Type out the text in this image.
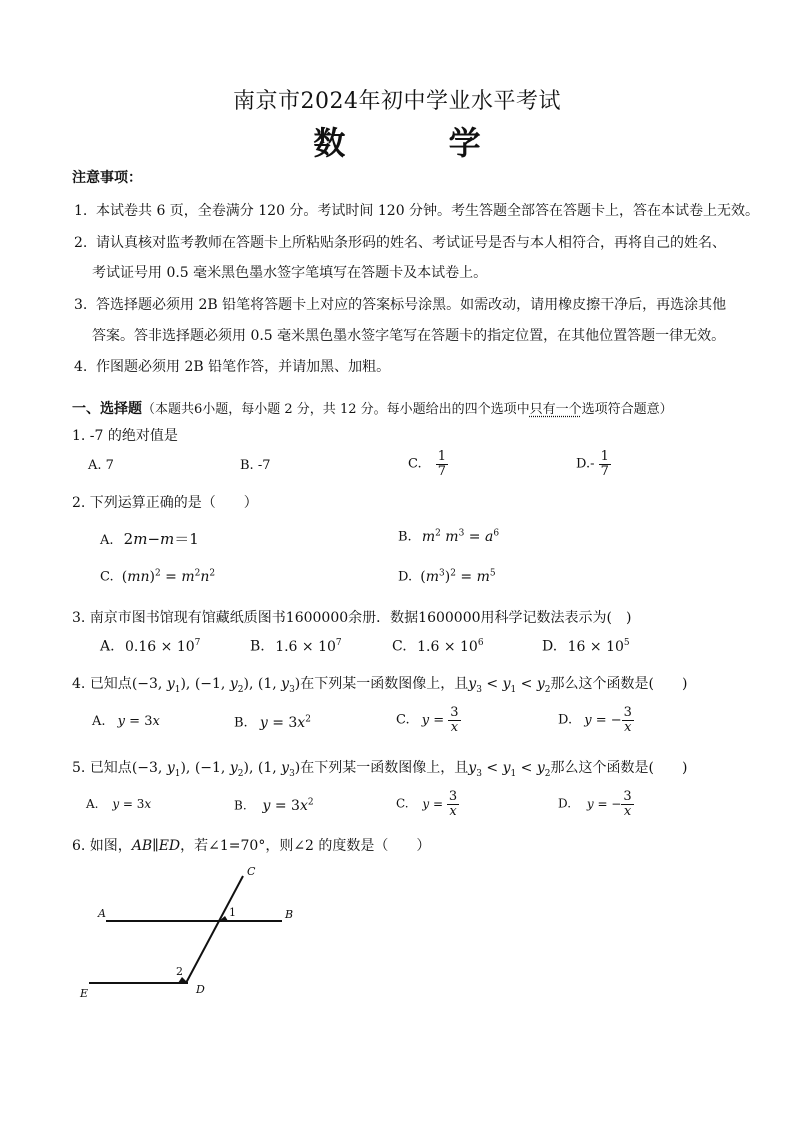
南京市2024年初中学业水平考试
数 学
注意事项：
1. 本试卷共 6 页，全卷满分 120 分。考试时间 120 分钟。考生答题全部答在答题卡上，答在本试卷上无效。
2. 请认真核对监考教师在答题卡上所粘贴条形码的姓名、考试证号是否与本人相符合，再将自己的姓名、
考试证号用 0.5 毫米黑色墨水签字笔填写在答题卡及本试卷上。
3. 答选择题必须用 2B 铅笔将答题卡上对应的答案标号涂黑。如需改动，请用橡皮擦干净后，再选涂其他
答案。答非选择题必须用 0.5 毫米黑色墨水签字笔写在答题卡的指定位置，在其他位置答题一律无效。
4. 作图题必须用 2B 铅笔作答，并请加黑、加粗。
一、选择题（本题共6小题，每小题 2 分，共 12 分。每小题给出的四个选项中只有一个选项符合题意）
1. -7 的绝对值是
A. 7	B. -7	C. $\frac{1}{7}$	$D.- \frac{1}{7}$
2. 下列运算正确的是（　　）
A. 2m−m＝1	B. $m^2$ $m^3 = a^6$
C. $(mn)^2 = m^2n^2$	D. $(m^3)^2 = m^5$
3. 南京市图书馆现有馆藏纸质图书1600000余册．数据1600000用科学记数法表示为(　)
A. $0.16 \times 10^7$	B. $1.6 \times 10^7$	C. $1.6 \times 10^6$	D. $16 \times 10^5$
4. 已知点(−3, $y_1$), (−1, $y_2$), (1, $y_3$)在下列某一函数图像上，且$y_3 < y_1 < y_2$那么这个函数是(　　)
A. y = 3x	B. $y = 3x^2$	C. $y = \frac{3}{x}$	D. y = − $\frac{3}{x}$
5. 已知点(−3, $y_1$), (−1, $y_2$), (1, $y_3$)在下列某一函数图像上，且$y_3 < y_1 < y_2$那么这个函数是(　　)
A. y = 3x	B. $y = 3x^2$	C. $y = \frac{3}{x}$	D. y = − $\frac{3}{x}$
6. 如图，AB∥ED，若∠1=70°，则∠2 的度数是（　　）
C
A	B
1
2
E	D
